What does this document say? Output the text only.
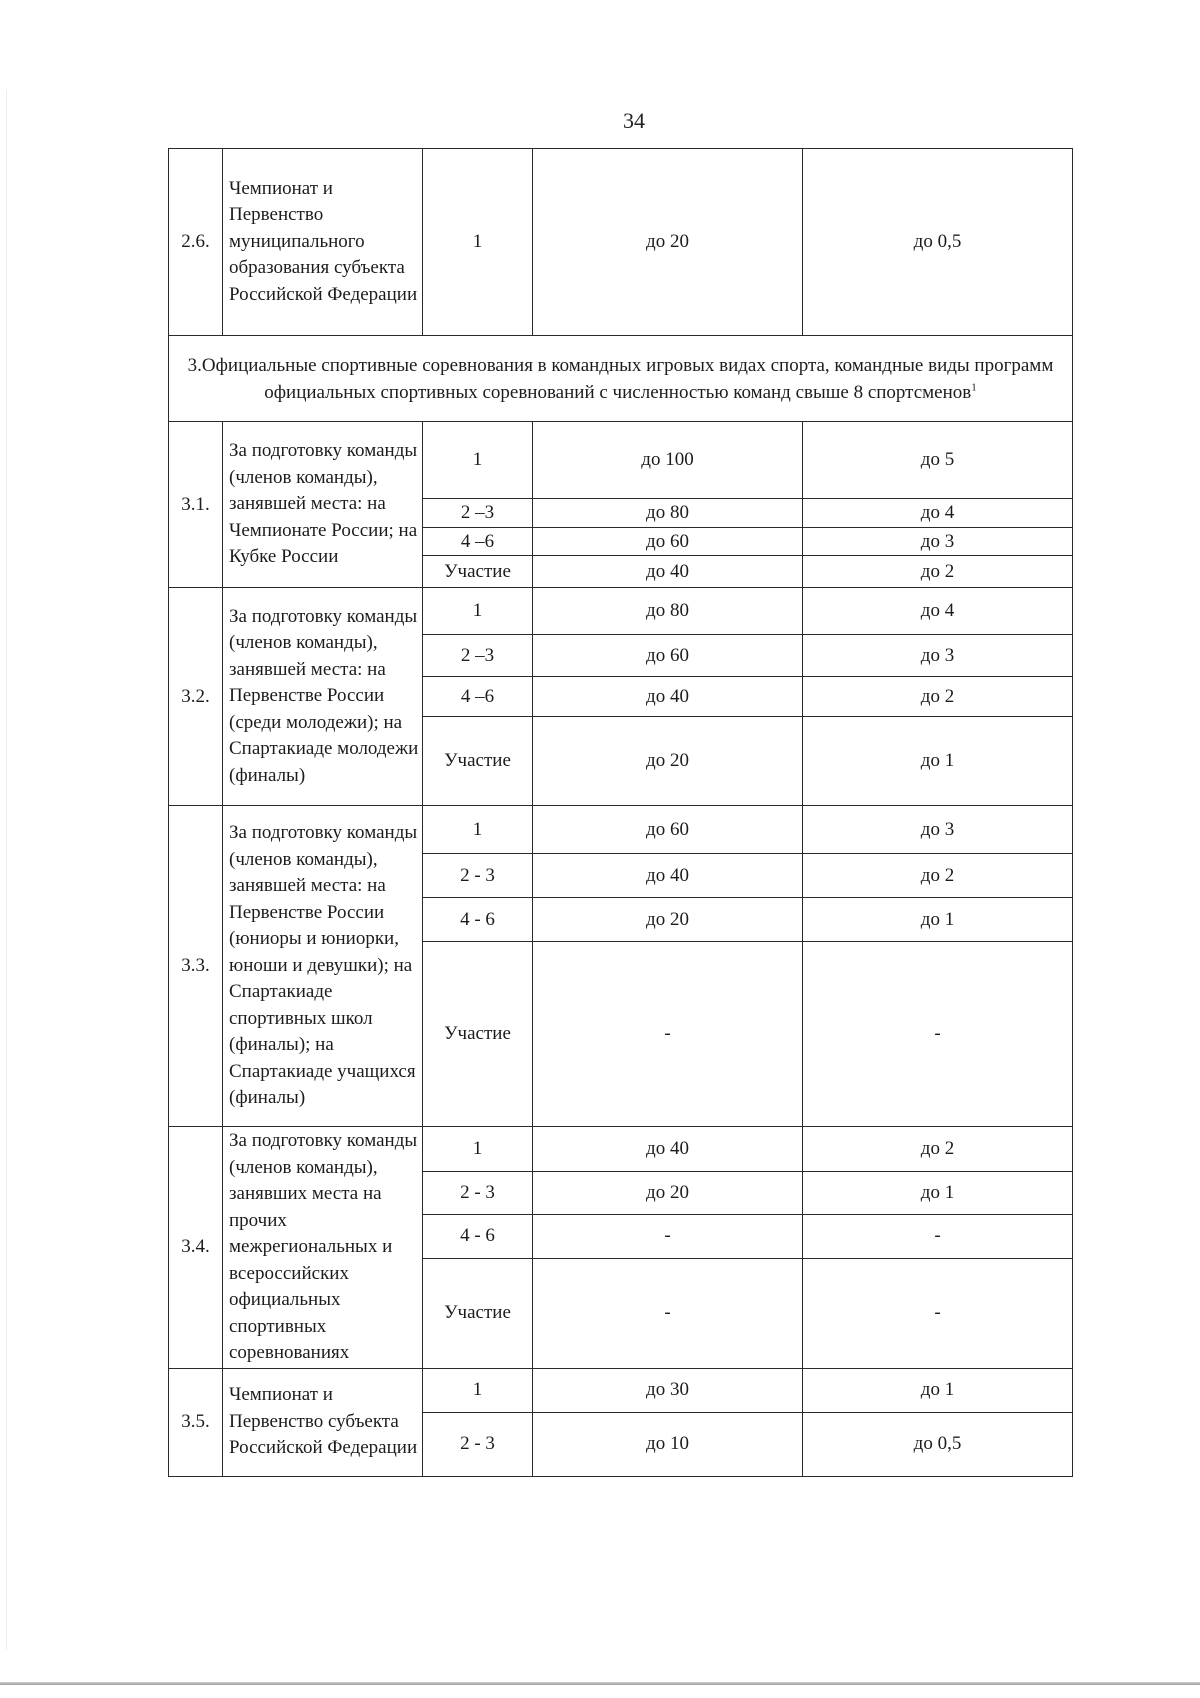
34
2.6.	Чемпионат и Первенство муниципального образования субъекта Российской Федерации	1	до 20	до 0,5
3.Официальные спортивные соревнования в командных игровых видах спорта, командные виды программ официальных спортивных соревнований с численностью команд свыше 8 спортсменов$^1$
3.1.	За подготовку команды (членов команды), занявшей места: на Чемпионате России; на Кубке России	1	до 100	до 5
		2 –3	до 80	до 4
		4 –6	до 60	до 3
		Участие	до 40	до 2
3.2.	За подготовку команды (членов команды), занявшей места: на Первенстве России (среди молодежи); на Спартакиаде молодежи (финалы)	1	до 80	до 4
		2 –3	до 60	до 3
		4 –6	до 40	до 2
		Участие	до 20	до 1
3.3.	За подготовку команды (членов команды), занявшей места: на Первенстве России (юниоры и юниорки, юноши и девушки); на Спартакиаде спортивных школ (финалы); на Спартакиаде учащихся (финалы)	1	до 60	до 3
		2 - 3	до 40	до 2
		4 - 6	до 20	до 1
		Участие	-	-
3.4.	За подготовку команды (членов команды), занявших места на прочих межрегиональных и всероссийских официальных спортивных соревнованиях	1	до 40	до 2
		2 - 3	до 20	до 1
		4 - 6	-	-
		Участие	-	-
3.5.	Чемпионат и Первенство субъекта Российской Федерации	1	до 30	до 1
		2 - 3	до 10	до 0,5
